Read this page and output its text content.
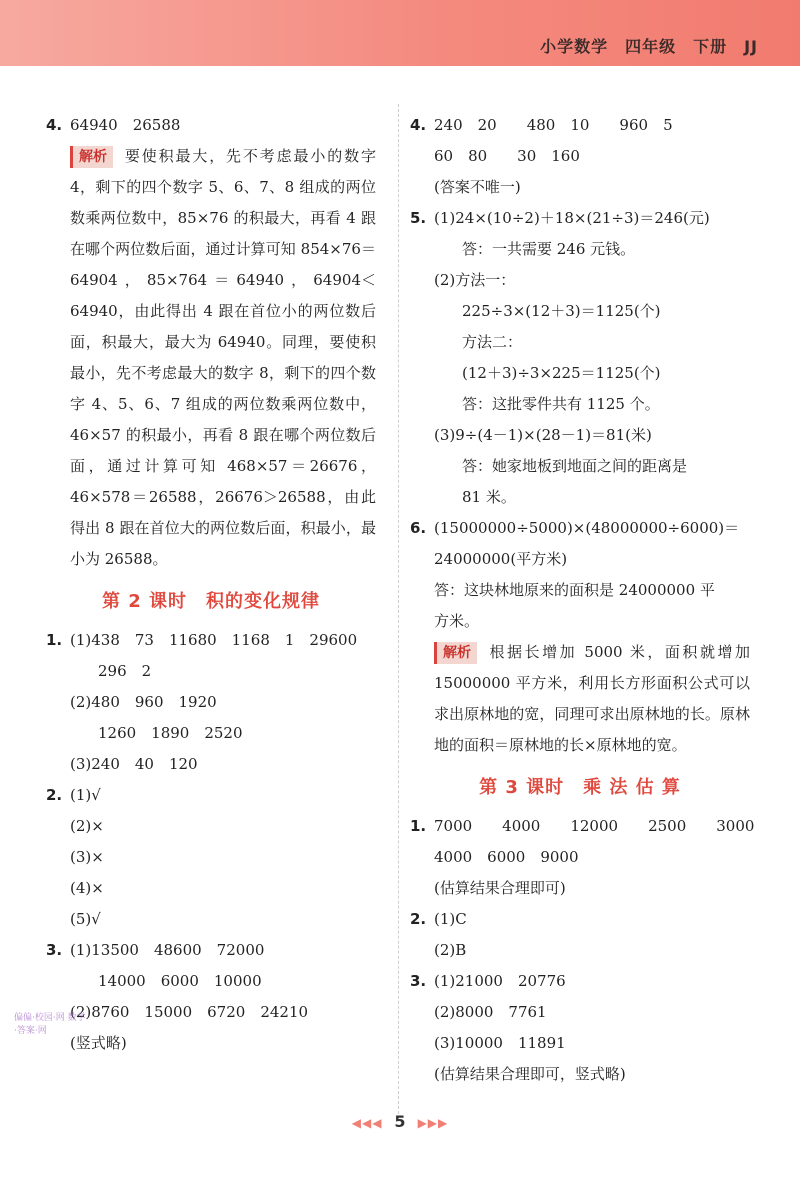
小学数学　四年级　下册　JJ
4. 64940　26588
解析 要使积最大，先不考虑最小的数字 4，剩下的四个数字 5、6、7、8 组成的两位数乘两位数中，85×76 的积最大，再看 4 跟在哪个两位数后面，通过计算可知 854×76＝64904，85×764＝64940，64904＜64940，由此得出 4 跟在首位小的两位数后面，积最大，最大为 64940。同理，要使积最小，先不考虑最大的数字 8，剩下的四个数字 4、5、6、7 组成的两位数乘两位数中，46×57 的积最小，再看 8 跟在哪个两位数后面，通过计算可知 468×57＝26676，46×578＝26588，26676＞26588，由此得出 8 跟在首位大的两位数后面，积最小，最小为 26588。
第 2 课时　积的变化规律
1. (1)438　73　11680　1168　1　29600
296　2
(2)480　960　1920
1260　1890　2520
(3)240　40　120
2. (1)√
(2)×
(3)×
(4)×
(5)√
3. (1)13500　48600　72000
14000　6000　10000
(2)8760　15000　6720　24210
(竖式略)
4. 240　20　　480　10　　960　5
60　80　　30　160
(答案不唯一)
5. (1)24×(10÷2)＋18×(21÷3)＝246(元)
答：一共需要 246 元钱。
(2)方法一：
225÷3×(12＋3)＝1125(个)
方法二：
(12＋3)÷3×225＝1125(个)
答：这批零件共有 1125 个。
(3)9÷(4－1)×(28－1)＝81(米)
答：她家地板到地面之间的距离是
81 米。
6. (15000000÷5000)×(48000000÷6000)＝
24000000(平方米)
答：这块林地原来的面积是 24000000 平
方米。
解析 根据长增加 5000 米，面积就增加 15000000 平方米，利用长方形面积公式可以求出原林地的宽，同理可求出原林地的长。原林地的面积＝原林地的长×原林地的宽。
第 3 课时　乘 法 估 算
1. 7000　　4000　　12000　　2500　　3000
4000　6000　9000
(估算结果合理即可)
2. (1)C
(2)B
3. (1)21000　20776
(2)8000　7761
(3)10000　11891
(估算结果合理即可，竖式略)
偏偏·校园·网 数学·答案·网
◀◀◀ 5 ▶▶▶
